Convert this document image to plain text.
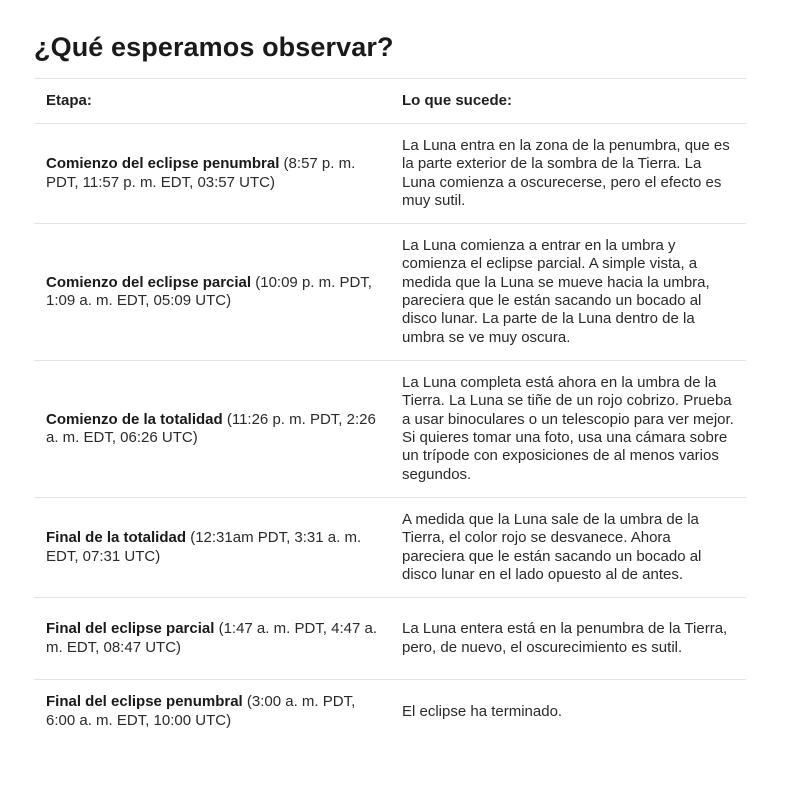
¿Qué esperamos observar?
Etapa:	Lo que sucede:
Comienzo del eclipse penumbral (8:57 p. m. PDT, 11:57 p. m. EDT, 03:57 UTC)	La Luna entra en la zona de la penumbra, que es la parte exterior de la sombra de la Tierra. La Luna comienza a oscurecerse, pero el efecto es muy sutil.
Comienzo del eclipse parcial (10:09 p. m. PDT, 1:09 a. m. EDT, 05:09 UTC)	La Luna comienza a entrar en la umbra y comienza el eclipse parcial. A simple vista, a medida que la Luna se mueve hacia la umbra, pareciera que le están sacando un bocado al disco lunar. La parte de la Luna dentro de la umbra se ve muy oscura.
Comienzo de la totalidad (11:26 p. m. PDT, 2:26 a. m. EDT, 06:26 UTC)	La Luna completa está ahora en la umbra de la Tierra. La Luna se tiñe de un rojo cobrizo. Prueba a usar binoculares o un telescopio para ver mejor. Si quieres tomar una foto, usa una cámara sobre un trípode con exposiciones de al menos varios segundos.
Final de la totalidad (12:31am PDT, 3:31 a. m. EDT, 07:31 UTC)	A medida que la Luna sale de la umbra de la Tierra, el color rojo se desvanece. Ahora pareciera que le están sacando un bocado al disco lunar en el lado opuesto al de antes.
Final del eclipse parcial (1:47 a. m. PDT, 4:47 a. m. EDT, 08:47 UTC)	La Luna entera está en la penumbra de la Tierra, pero, de nuevo, el oscurecimiento es sutil.
Final del eclipse penumbral (3:00 a. m. PDT, 6:00 a. m. EDT, 10:00 UTC)	El eclipse ha terminado.
